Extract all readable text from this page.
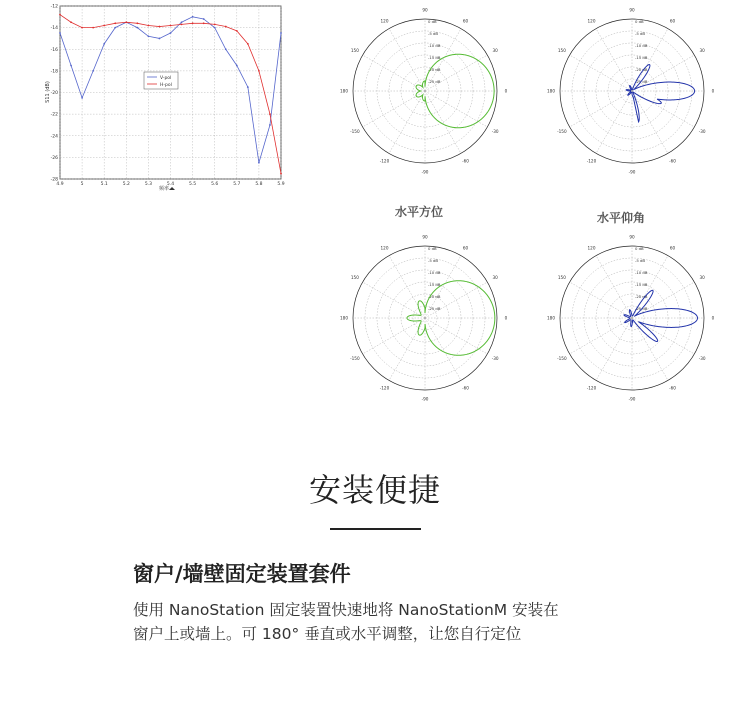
-12
-14
-16
-18
-20
-22
-24
-26
-28
4.9	5	5.1	5.2	5.3	5.4	5.5	5.6	5.7	5.8	5.9
S11 (dB)
频率
V-pol
H-pol
90
60
30
0
-30
-60
-90
-120
-150
180
150
120	0 dB
-5 dB
-10 dB
-15 dB
-20 dB
-25 dB
90
60
30
0
-30
-60
-90
-120
-150
180
150
120	0 dB
-5 dB
-10 dB
-15 dB
-20 dB
-25 dB
水平方位	水平仰角
90
60
30
0
-30
-60
-90
-120
-150
180
150
120	0 dB
-5 dB
-10 dB
-15 dB
-20 dB
-25 dB
90
60
30
0
-30
-60
-90
-120
-150
180
150
120	0 dB
-5 dB
-10 dB
-15 dB
-20 dB
-25 dB
安装便捷
窗户/墙壁固定装置套件
使用 NanoStation 固定装置快速地将 NanoStationM 安装在
窗户上或墙上。可 180° 垂直或水平调整，让您自行定位
